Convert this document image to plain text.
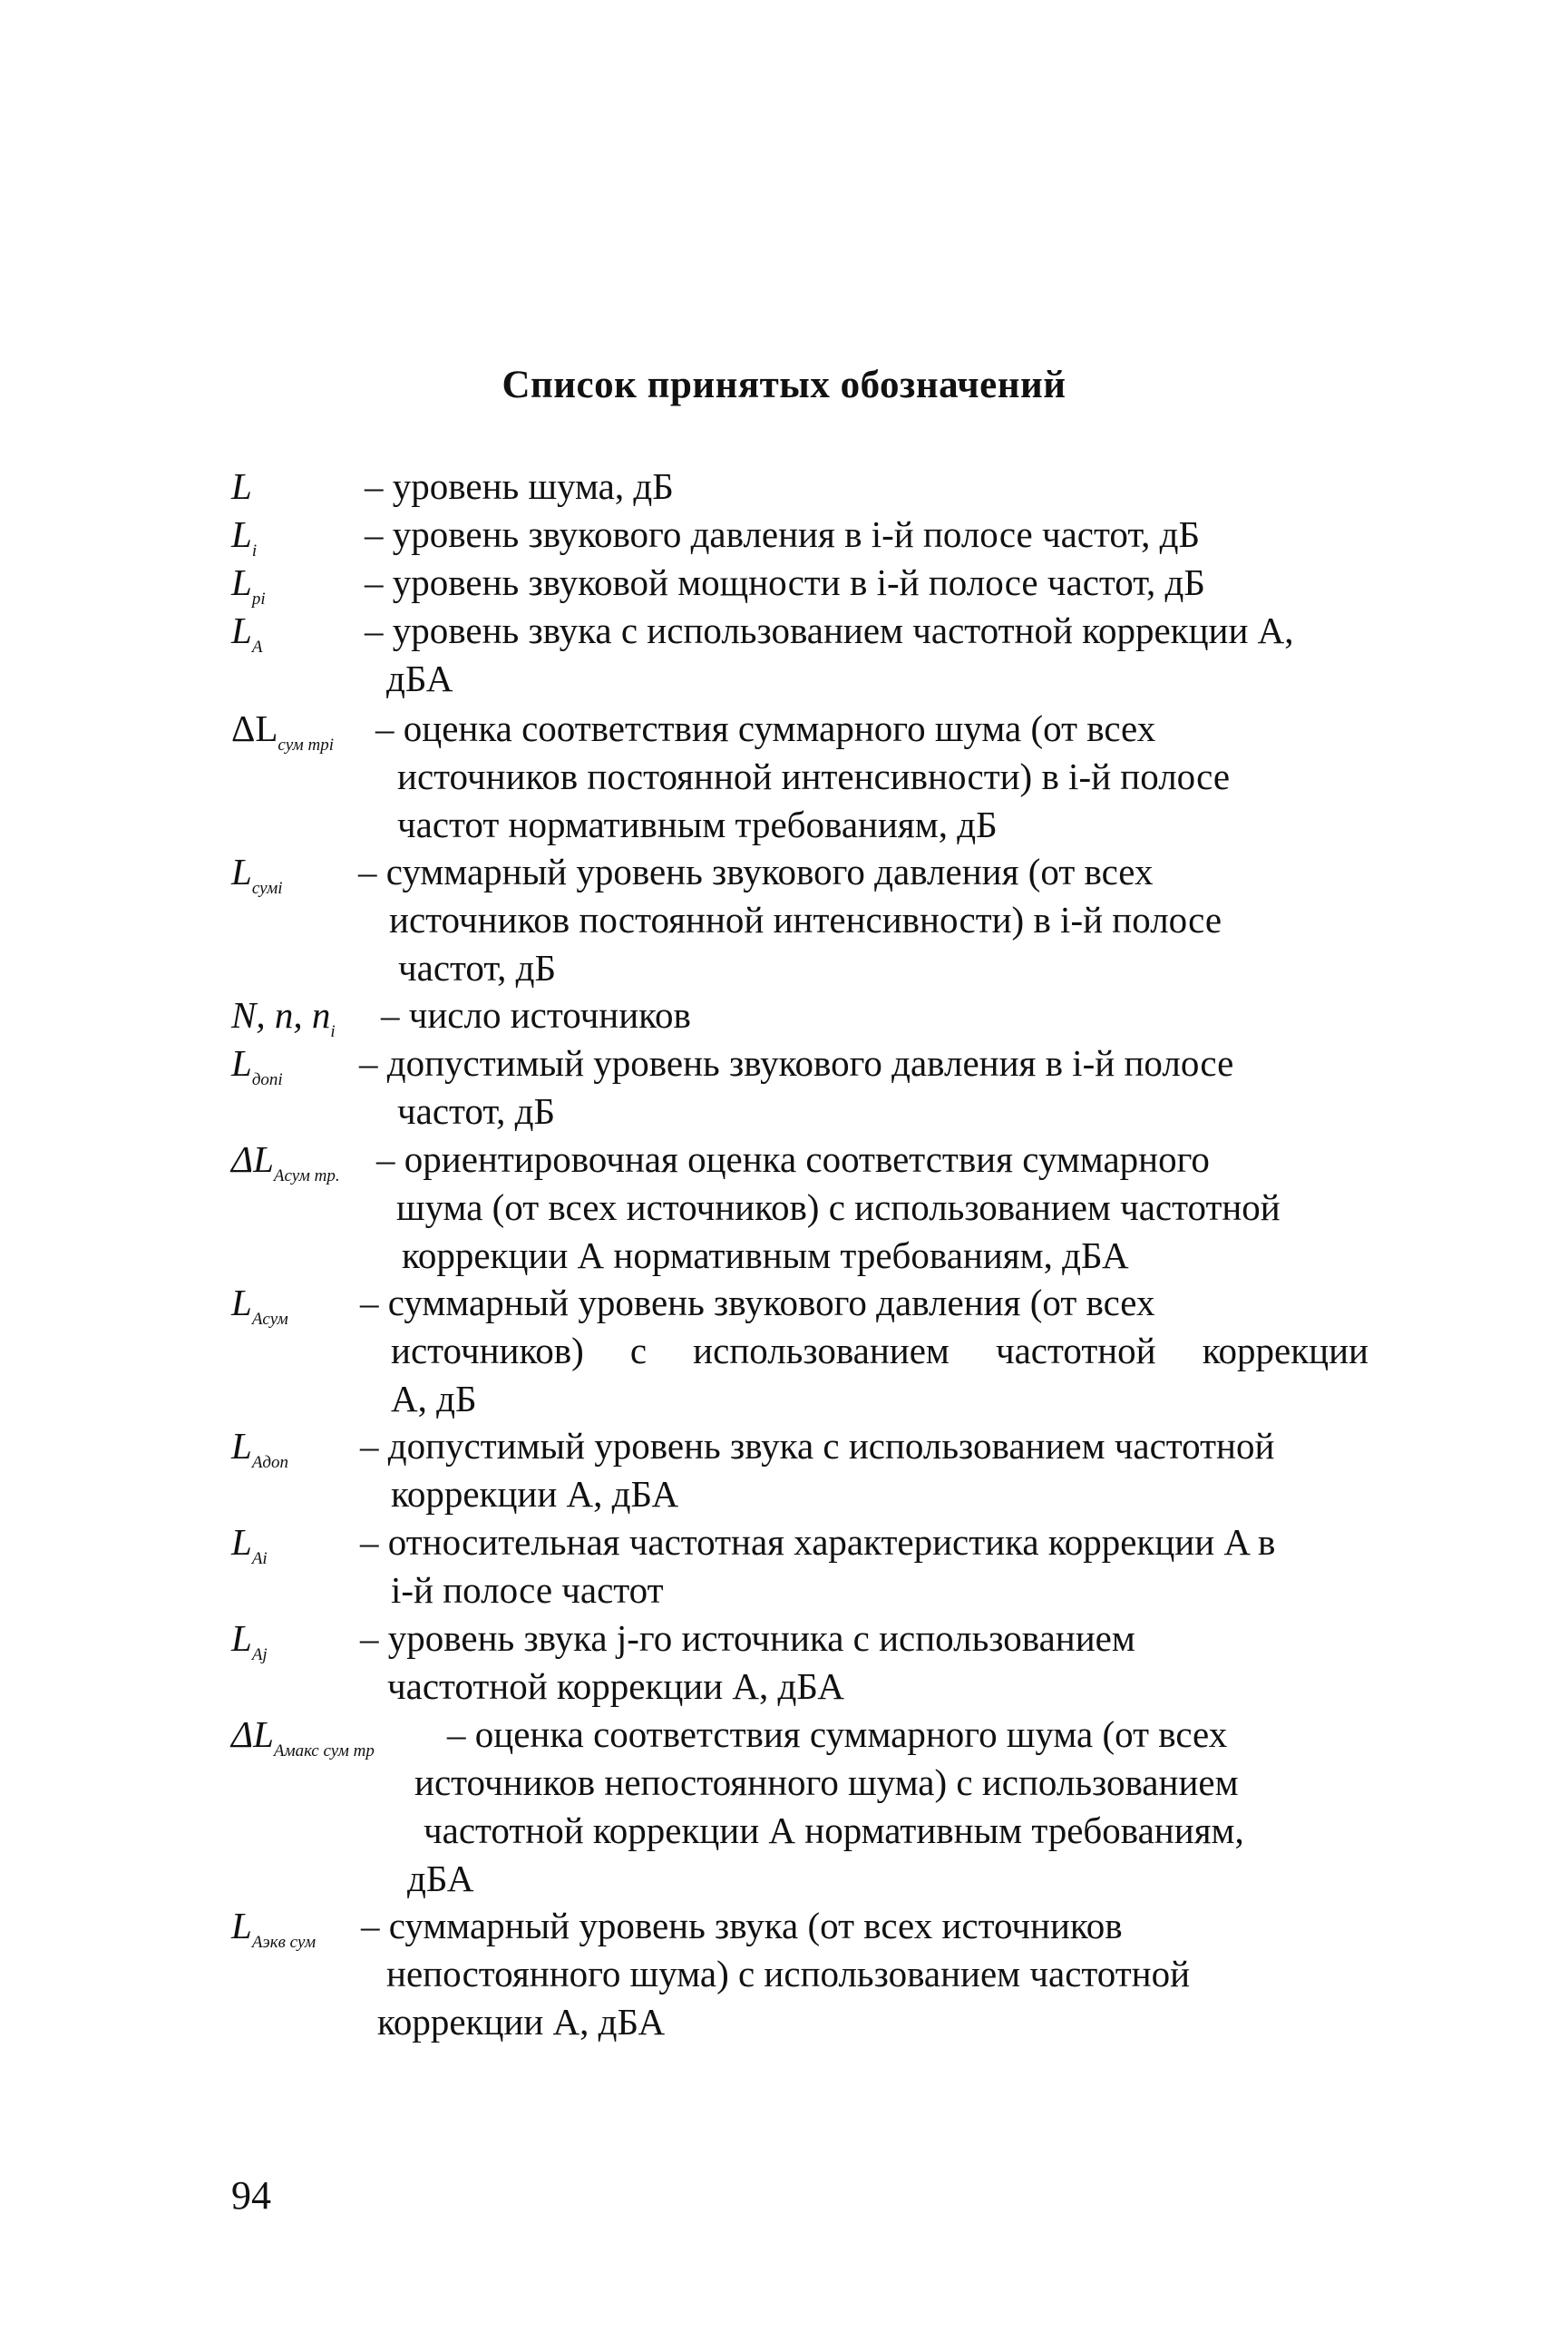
Список принятых обозначений
L	– уровень шума, дБ
$L_i$	– уровень звукового давления в i-й полосе частот, дБ
$L_{pi}$	– уровень звуковой мощности в i-й полосе частот, дБ
$L_A$	– уровень звука с использованием частотной коррекции A,
дБА
$\Delta L_{сум трi}$ – оценка соответствия суммарного шума (от всех
источников постоянной интенсивности) в i-й полосе
частот нормативным требованиям, дБ
$L_{сумi}$ – суммарный уровень звукового давления (от всех
источников постоянной интенсивности) в i-й полосе
частот, дБ
N, n, $n_i$ – число источников
$L_{допi}$ – допустимый уровень звукового давления в i-й полосе
частот, дБ
$\Delta L_{Aсум тр.}$ – ориентировочная оценка соответствия суммарного
шума (от всех источников) с использованием частотной
коррекции А нормативным требованиям, дБА
$L_{Aсум}$ – суммарный уровень звукового давления (от всех
источников) с использованием частотной коррекции
A, дБ
$L_{Aдоп}$ – допустимый уровень звука с использованием частотной
коррекции А, дБА
$L_{Ai}$ – относительная частотная характеристика коррекции A в
i-й полосе частот
$L_{Aj}$ – уровень звука j-го источника с использованием
частотной коррекции A, дБА
$\Delta L_{Aмакс сум тр}$ – оценка соответствия суммарного шума (от всех
источников непостоянного шума) с использованием
частотной коррекции А нормативным требованиям,
дБА
$L_{Aэкв сум}$ – суммарный уровень звука (от всех источников
непостоянного шума) с использованием частотной
коррекции A, дБА
94
